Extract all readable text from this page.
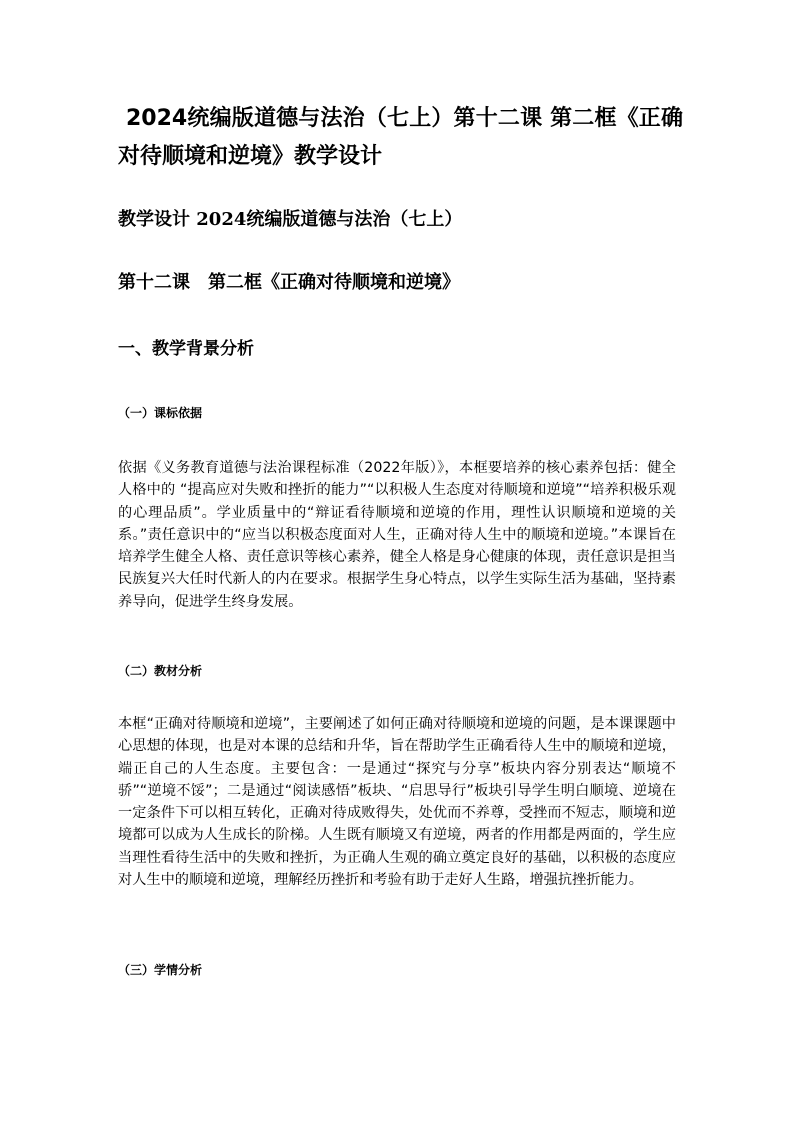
2024统编版道德与法治（七上）第十二课 第二框《正确对待顺境和逆境》教学设计
教学设计 2024统编版道德与法治（七上）
第十二课　第二框《正确对待顺境和逆境》
一、教学背景分析
（一）课标依据

依据《义务教育道德与法治课程标准（2022年版）》，本框要培养的核心素养包括：健全人格中的 “提高应对失败和挫折的能力”“以积极人生态度对待顺境和逆境”“培养积极乐观的心理品质”。学业质量中的“辩证看待顺境和逆境的作用，理性认识顺境和逆境的关系。”责任意识中的“应当以积极态度面对人生，正确对待人生中的顺境和逆境。”本课旨在培养学生健全人格、责任意识等核心素养，健全人格是身心健康的体现，责任意识是担当民族复兴大任时代新人的内在要求。根据学生身心特点，以学生实际生活为基础，坚持素养导向，促进学生终身发展。

（二）教材分析

本框“正确对待顺境和逆境”，主要阐述了如何正确对待顺境和逆境的问题，是本课课题中心思想的体现，也是对本课的总结和升华，旨在帮助学生正确看待人生中的顺境和逆境，端正自己的人生态度。主要包含：一是通过“探究与分享”板块内容分别表达“顺境不骄”“逆境不馁”；二是通过“阅读感悟”板块、“启思导行”板块引导学生明白顺境、逆境在一定条件下可以相互转化，正确对待成败得失，处优而不养尊，受挫而不短志，顺境和逆境都可以成为人生成长的阶梯。人生既有顺境又有逆境，两者的作用都是两面的，学生应当理性看待生活中的失败和挫折，为正确人生观的确立奠定良好的基础，以积极的态度应对人生中的顺境和逆境，理解经历挫折和考验有助于走好人生路，增强抗挫折能力。

（三）学情分析
